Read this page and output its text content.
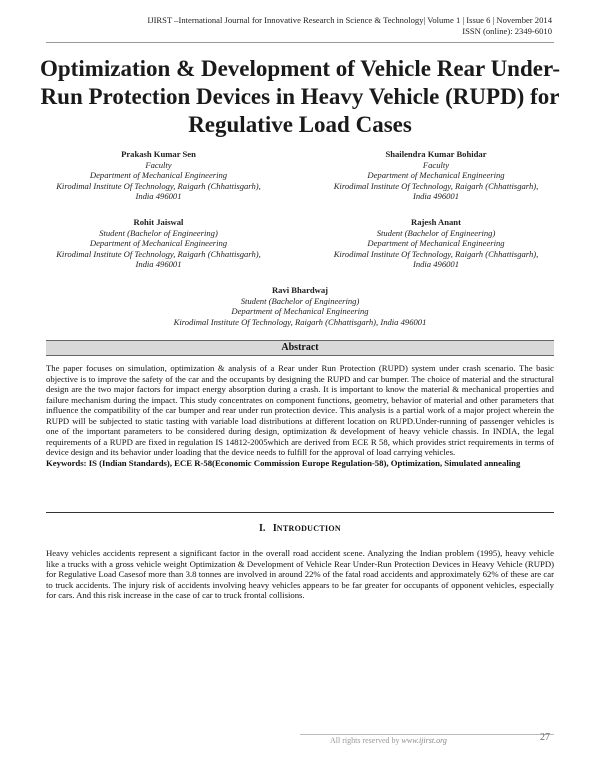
IJIRST –International Journal for Innovative Research in Science & Technology| Volume 1 | Issue 6 | November 2014
ISSN (online): 2349-6010
Optimization & Development of Vehicle Rear Under-Run Protection Devices in Heavy Vehicle (RUPD) for Regulative Load Cases
Prakash Kumar Sen
Faculty
Department of Mechanical Engineering
Kirodimal Institute Of Technology, Raigarh (Chhattisgarh),
India 496001
Shailendra Kumar Bohidar
Faculty
Department of Mechanical Engineering
Kirodimal Institute Of Technology, Raigarh (Chhattisgarh),
India 496001
Rohit Jaiswal
Student (Bachelor of Engineering)
Department of Mechanical Engineering
Kirodimal Institute Of Technology, Raigarh (Chhattisgarh),
India 496001
Rajesh Anant
Student (Bachelor of Engineering)
Department of Mechanical Engineering
Kirodimal Institute Of Technology, Raigarh (Chhattisgarh),
India 496001
Ravi Bhardwaj
Student (Bachelor of Engineering)
Department of Mechanical Engineering
Kirodimal Institute Of Technology, Raigarh (Chhattisgarh), India 496001
Abstract
The paper focuses on simulation, optimization & analysis of a Rear under Run Protection (RUPD) system under crash scenario. The basic objective is to improve the safety of the car and the occupants by designing the RUPD and car bumper. The choice of material and the structural design are the two major factors for impact energy absorption during a crash. It is important to know the material & mechanical properties and failure mechanism during the impact. This study concentrates on component functions, geometry, behavior of material and other parameters that influence the compatibility of the car bumper and rear under run protection device. This analysis is a partial work of a major project wherein the RUPD will be subjected to static tasting with variable load distributions at different location on RUPD.Under-running of passenger vehicles is one of the important parameters to be considered during design, optimization & development of heavy vehicle chassis. In INDIA, the legal requirements of a RUPD are fixed in regulation IS 14812-2005which are derived from ECE R 58, which provides strict requirements in terms of device design and its behavior under loading that the device needs to fulfill for the approval of load carrying vehicles.
Keywords: IS (Indian Standards), ECE R-58(Economic Commission Europe Regulation-58), Optimization, Simulated annealing
I. INTRODUCTION
Heavy vehicles accidents represent a significant factor in the overall road accident scene. Analyzing the Indian problem (1995), heavy vehicle like a trucks with a gross vehicle weight Optimization & Development of Vehicle Rear Under-Run Protection Devices in Heavy Vehicle (RUPD) for Regulative Load Casesof more than 3.8 tonnes are involved in around 22% of the fatal road accidents and approximately 62% of these are car to truck accidents. The injury risk of accidents involving heavy vehicles appears to be far greater for occupants of opponent vehicles, especially for cars. And this risk increase in the case of car to truck frontal collisions.
All rights reserved by www.ijirst.org	27
